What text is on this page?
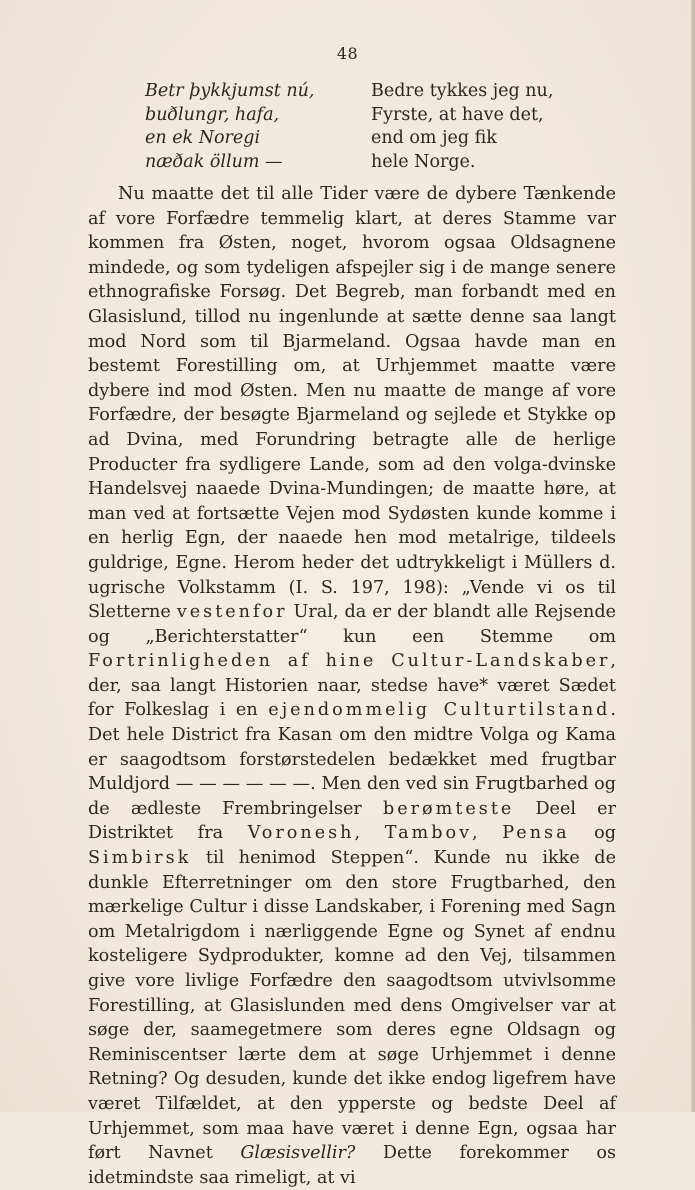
48
Betr þykkjumst nú,	Bedre tykkes jeg nu,
buðlungr, hafa,	Fyrste, at have det,
en ek Noregi	end om jeg fik
næðak öllum —	hele Norge.

Nu maatte det til alle Tider være de dybere Tænkende af vore Forfædre temmelig klart, at deres Stamme var kommen fra Østen, noget, hvorom ogsaa Oldsagnene mindede, og som tydeligen afspejler sig i de mange senere ethnografiske Forsøg. Det Begreb, man forbandt med en Glasislund, tillod nu ingenlunde at sætte denne saa langt mod Nord som til Bjarmeland. Ogsaa havde man en bestemt Forestilling om, at Urhjemmet maatte være dybere ind mod Østen. Men nu maatte de mange af vore Forfædre, der besøgte Bjarmeland og sejlede et Stykke op ad Dvina, med Forundring betragte alle de herlige Producter fra sydligere Lande, som ad den volga-dvinske Handelsvej naaede Dvina-Mundingen; de maatte høre, at man ved at fortsætte Vejen mod Sydøsten kunde komme i en herlig Egn, der naaede hen mod metalrige, tildeels guldrige, Egne. Herom heder det udtrykkeligt i Müllers d. ugrische Volkstamm (I. S. 197, 198): „Vende vi os til Sletterne vestenfor Ural, da er der blandt alle Rejsende og „Berichterstatter“ kun een Stemme om Fortrinligheden af hine Cultur-Landskaber, der, saa langt Historien naar, stedse have* været Sædet for Folkeslag i en ejendommelig Culturtilstand. Det hele District fra Kasan om den midtre Volga og Kama er saagodtsom forstørstedelen bedækket med frugtbar Muldjord — — — — — —. Men den ved sin Frugtbarhed og de ædleste Frembringelser berømteste Deel er Distriktet fra Voronesh, Tambov, Pensa og Simbirsk til henimod Steppen“. Kunde nu ikke de dunkle Efterretninger om den store Frugtbarhed, den mærkelige Cultur i disse Landskaber, i Forening med Sagn om Metalrigdom i nærliggende Egne og Synet af endnu kosteligere Sydprodukter, komne ad den Vej, tilsammen give vore livlige Forfædre den saagodtsom utvivlsomme Forestilling, at Glasislunden med dens Omgivelser var at søge der, saamegetmere som deres egne Oldsagn og Reminiscentser lærte dem at søge Urhjemmet i denne Retning? Og desuden, kunde det ikke endog ligefrem have været Tilfældet, at den ypperste og bedste Deel af Urhjemmet, som maa have været i denne Egn, ogsaa har ført Navnet Glæsisvellir? Dette forekommer os idetmindste saa rimeligt, at vi
